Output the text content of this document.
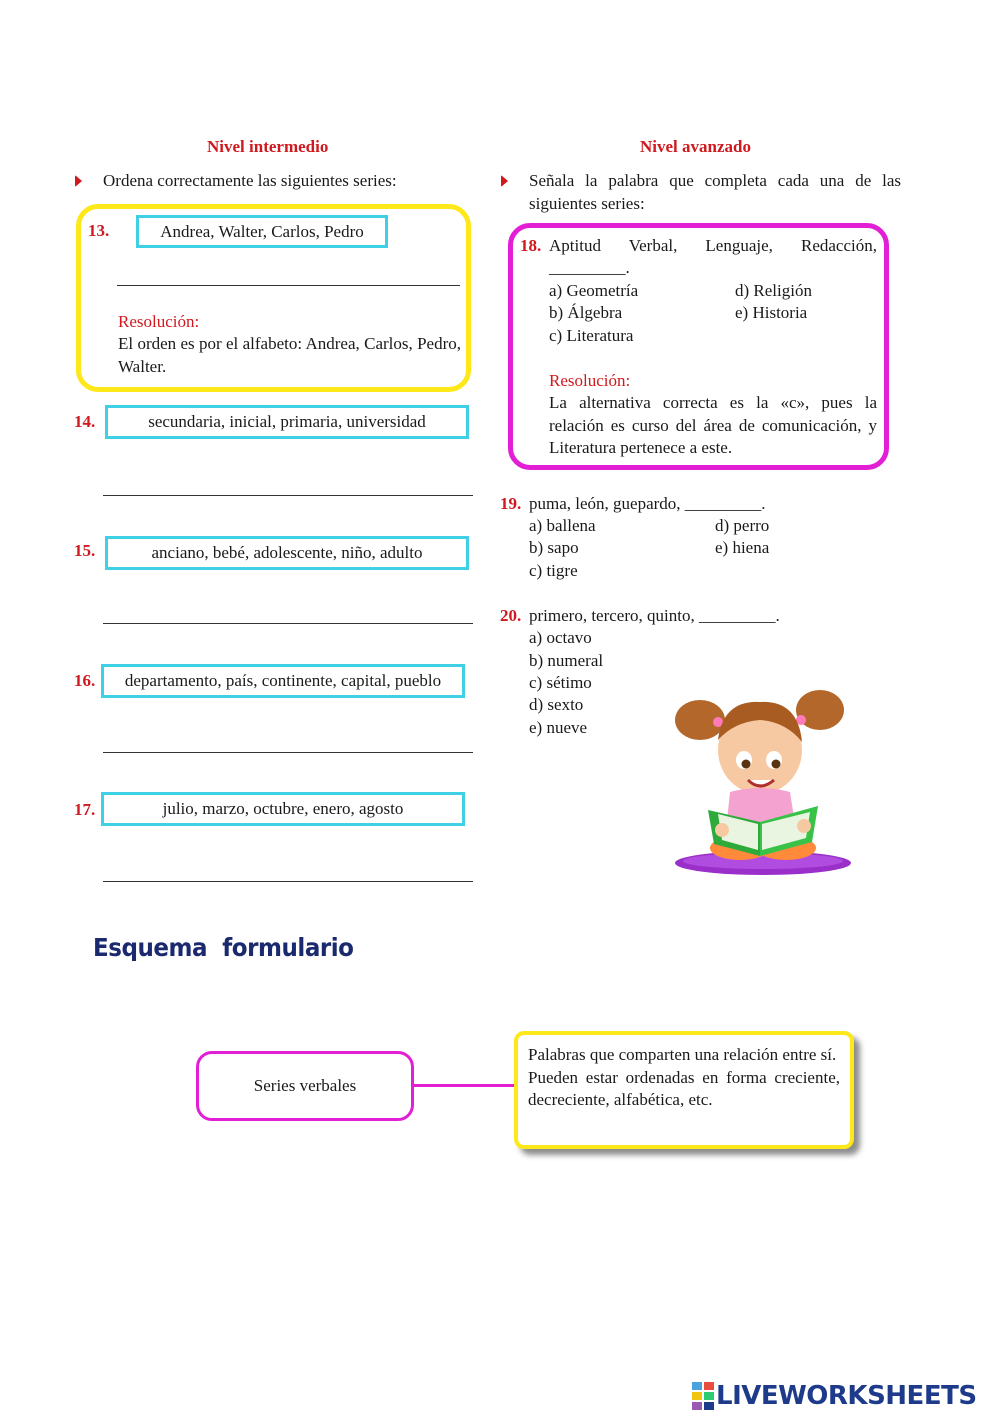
Nivel intermedio
Ordena correctamente las siguientes series:
13.	Andrea, Walter, Carlos, Pedro
Resolución:
El orden es por el alfabeto: Andrea, Carlos, Pedro, Walter.
14.	secundaria, inicial, primaria, universidad
15.	anciano, bebé, adolescente, niño, adulto
16. departamento, país, continente, capital, pueblo
17.	julio, marzo, octubre, enero, agosto
Nivel avanzado
Señala la palabra que completa cada una de las siguientes series:
18. Aptitud Verbal, Lenguaje, Redacción,
_________.
a) Geometría
b) Álgebra
c) Literatura
d) Religión
e) Historia
Resolución:
La alternativa correcta es la «c», pues la relación es curso del área de comunicación, y Literatura pertenece a este.
19. puma, león, guepardo, _________.
a) ballena
b) sapo
c) tigre
d) perro
e) hiena
20. primero, tercero, quinto, _________.
a) octavo
b) numeral
c) sétimo
d) sexto
e) nueve
Esquema  formulario
Series verbales
Palabras que comparten una relación entre sí.
Pueden estar ordenadas en forma creciente, decreciente, alfabética, etc.
LIVEWORKSHEETS
